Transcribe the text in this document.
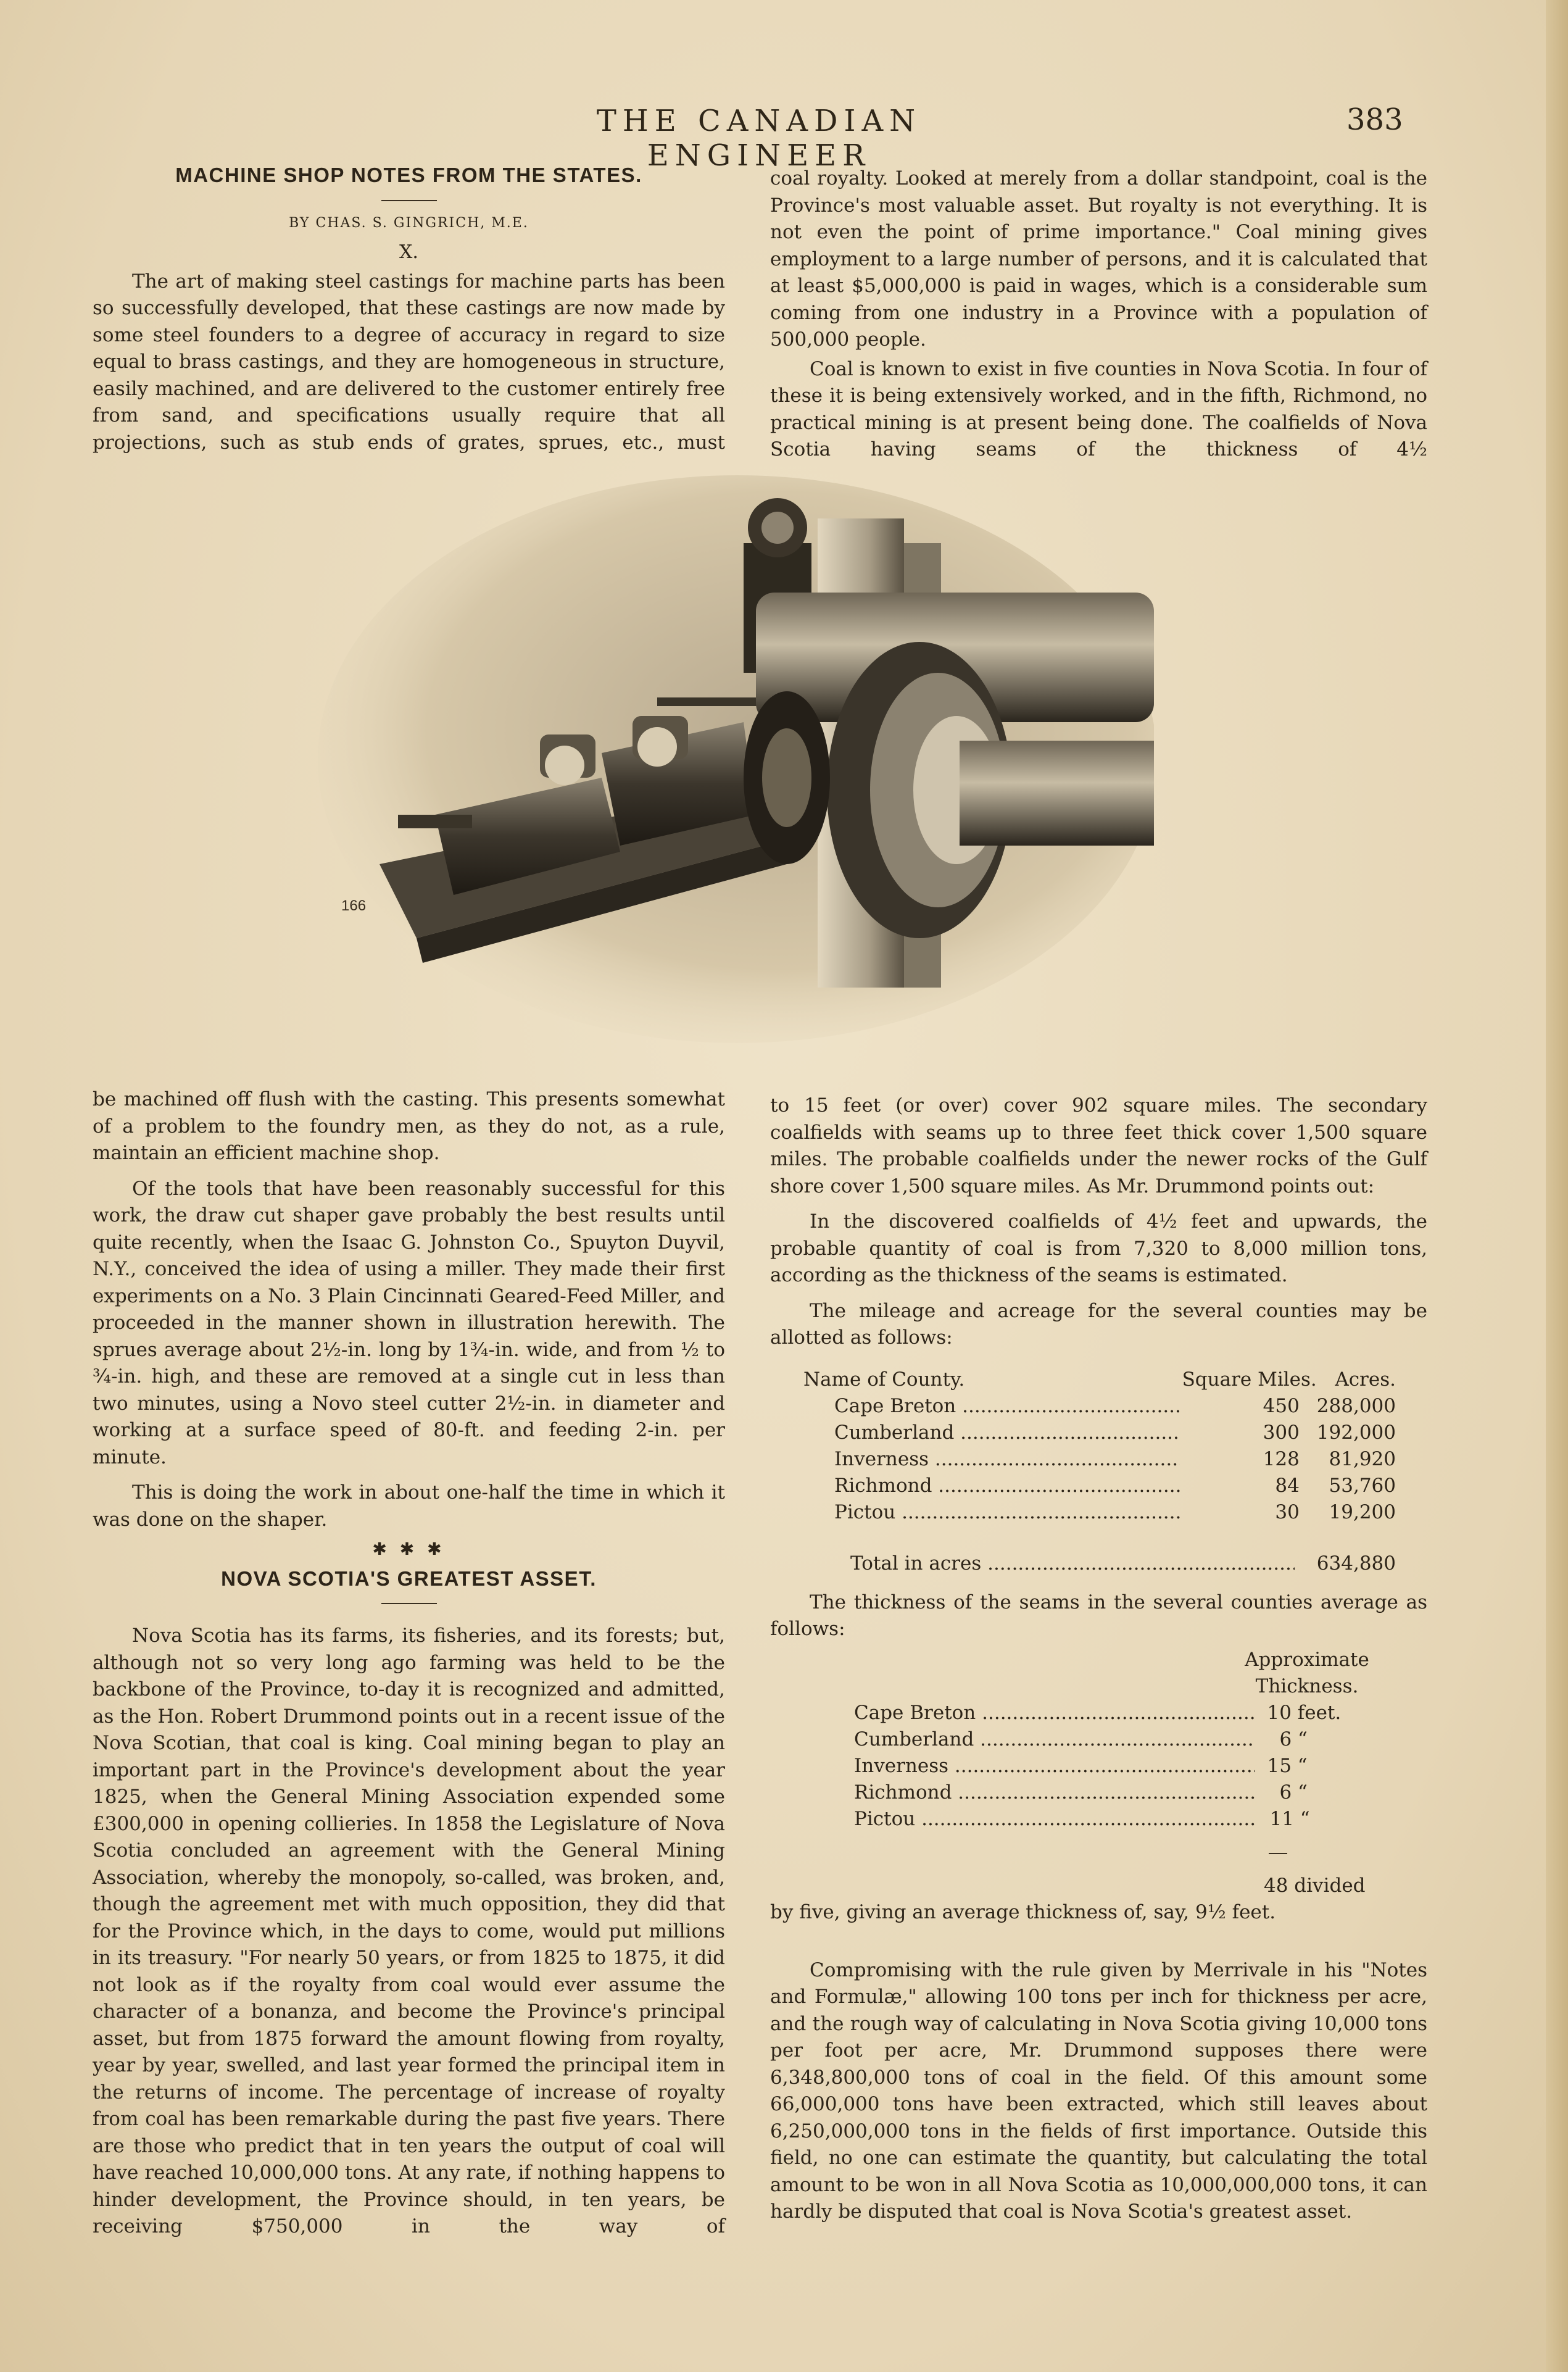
THE CANADIAN ENGINEER
383

MACHINE SHOP NOTES FROM THE STATES.

BY CHAS. S. GINGRICH, M.E.

X.

The art of making steel castings for machine parts has been so successfully developed, that these castings are now made by some steel founders to a degree of accuracy in regard to size equal to brass castings, and they are homogeneous in structure, easily machined, and are delivered to the customer entirely free from sand, and specifications usually require that all projections, such as stub ends of grates, sprues, etc., must

coal royalty. Looked at merely from a dollar standpoint, coal is the Province's most valuable asset. But royalty is not everything. It is not even the point of prime importance." Coal mining gives employment to a large number of persons, and it is calculated that at least $5,000,000 is paid in wages, which is a considerable sum coming from one industry in a Province with a population of 500,000 people.

Coal is known to exist in five counties in Nova Scotia. In four of these it is being extensively worked, and in the fifth, Richmond, no practical mining is at present being done. The coalfields of Nova Scotia having seams of the thickness of 4½

166

be machined off flush with the casting. This presents somewhat of a problem to the foundry men, as they do not, as a rule, maintain an efficient machine shop.

Of the tools that have been reasonably successful for this work, the draw cut shaper gave probably the best results until quite recently, when the Isaac G. Johnston Co., Spuyton Duyvil, N.Y., conceived the idea of using a miller. They made their first experiments on a No. 3 Plain Cincinnati Geared-Feed Miller, and proceeded in the manner shown in illustration herewith. The sprues average about 2½-in. long by 1¾-in. wide, and from ½ to ¾-in. high, and these are removed at a single cut in less than two minutes, using a Novo steel cutter 2½-in. in diameter and working at a surface speed of 80-ft. and feeding 2-in. per minute.

This is doing the work in about one-half the time in which it was done on the shaper.

✱ ✱ ✱

NOVA SCOTIA'S GREATEST ASSET.

Nova Scotia has its farms, its fisheries, and its forests; but, although not so very long ago farming was held to be the backbone of the Province, to-day it is recognized and admitted, as the Hon. Robert Drummond points out in a recent issue of the Nova Scotian, that coal is king. Coal mining began to play an important part in the Province's development about the year 1825, when the General Mining Association expended some £300,000 in opening collieries. In 1858 the Legislature of Nova Scotia concluded an agreement with the General Mining Association, whereby the monopoly, so-called, was broken, and, though the agreement met with much opposition, they did that for the Province which, in the days to come, would put millions in its treasury. "For nearly 50 years, or from 1825 to 1875, it did not look as if the royalty from coal would ever assume the character of a bonanza, and become the Province's principal asset, but from 1875 forward the amount flowing from royalty, year by year, swelled, and last year formed the principal item in the returns of income. The percentage of increase of royalty from coal has been remarkable during the past five years. There are those who predict that in ten years the output of coal will have reached 10,000,000 tons. At any rate, if nothing happens to hinder development, the Province should, in ten years, be receiving $750,000 in the way of

to 15 feet (or over) cover 902 square miles. The secondary coalfields with seams up to three feet thick cover 1,500 square miles. The probable coalfields under the newer rocks of the Gulf shore cover 1,500 square miles. As Mr. Drummond points out:

In the discovered coalfields of 4½ feet and upwards, the probable quantity of coal is from 7,320 to 8,000 million tons, according as the thickness of the seams is estimated.

The mileage and acreage for the several counties may be allotted as follows:

Name of County.	Square Miles.	Acres.

Cape Breton .....	450	288,000

Cumberland .....	300	192,000

Inverness .....	128	81,920

Richmond .....	84	53,760

Pictou .....	30	19,200
Total in acres .....	634,880

The thickness of the seams in the several counties average as follows:

Approximate
Thickness.
Cape Breton .....	10 feet.

Cumberland .....	6 “

Inverness .....	15 “

Richmond .....	6 “

Pictou .....	11 “
48 divided

by five, giving an average thickness of, say, 9½ feet.

Compromising with the rule given by Merrivale in his "Notes and Formulæ," allowing 100 tons per inch for thickness per acre, and the rough way of calculating in Nova Scotia giving 10,000 tons per foot per acre, Mr. Drummond supposes there were 6,348,800,000 tons of coal in the field. Of this amount some 66,000,000 tons have been extracted, which still leaves about 6,250,000,000 tons in the fields of first importance. Outside this field, no one can estimate the quantity, but calculating the total amount to be won in all Nova Scotia as 10,000,000,000 tons, it can hardly be disputed that coal is Nova Scotia's greatest asset.
